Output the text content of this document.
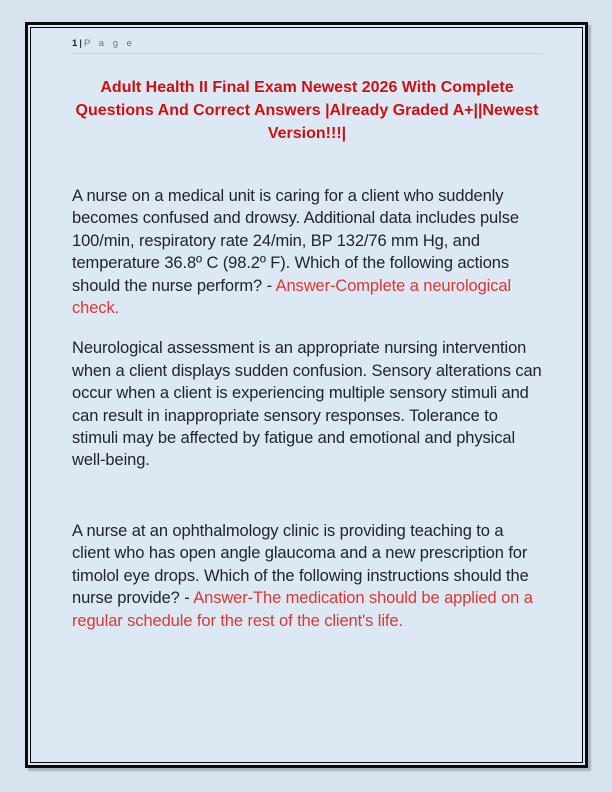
1| P a g e
Adult Health II Final Exam Newest 2026 With Complete Questions And Correct Answers |Already Graded A+||Newest Version!!!|

A nurse on a medical unit is caring for a client who suddenly becomes confused and drowsy. Additional data includes pulse 100/min, respiratory rate 24/min, BP 132/76 mm Hg, and temperature 36.8º C (98.2º F). Which of the following actions should the nurse perform? - Answer-Complete a neurological check.

Neurological assessment is an appropriate nursing intervention when a client displays sudden confusion. Sensory alterations can occur when a client is experiencing multiple sensory stimuli and can result in inappropriate sensory responses. Tolerance to stimuli may be affected by fatigue and emotional and physical well-being.

A nurse at an ophthalmology clinic is providing teaching to a client who has open angle glaucoma and a new prescription for timolol eye drops. Which of the following instructions should the nurse provide? - Answer-The medication should be applied on a regular schedule for the rest of the client's life.
